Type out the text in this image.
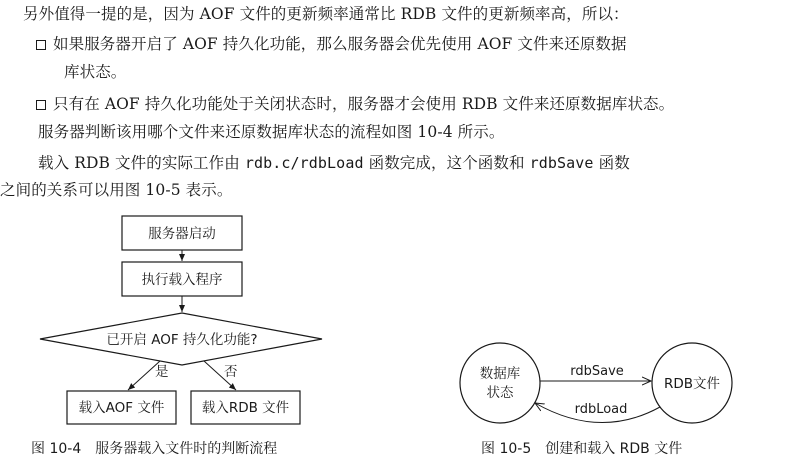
另外值得一提的是，因为 AOF 文件的更新频率通常比 RDB 文件的更新频率高，所以：
如果服务器开启了 AOF 持久化功能，那么服务器会优先使用 AOF 文件来还原数据
库状态。
只有在 AOF 持久化功能处于关闭状态时，服务器才会使用 RDB 文件来还原数据库状态。
服务器判断该用哪个文件来还原数据库状态的流程如图 10-4 所示。
载入 RDB 文件的实际工作由 rdb.c/rdbLoad 函数完成，这个函数和 rdbSave 函数
之间的关系可以用图 10-5 表示。
服务器启动
执行载入程序
已开启 AOF 持久化功能?
是	否
载入AOF 文件	载入RDB 文件
数据库
状态
RDB文件
rdbSave
rdbLoad
图 10-4　服务器载入文件时的判断流程	图 10-5　创建和载入 RDB 文件
